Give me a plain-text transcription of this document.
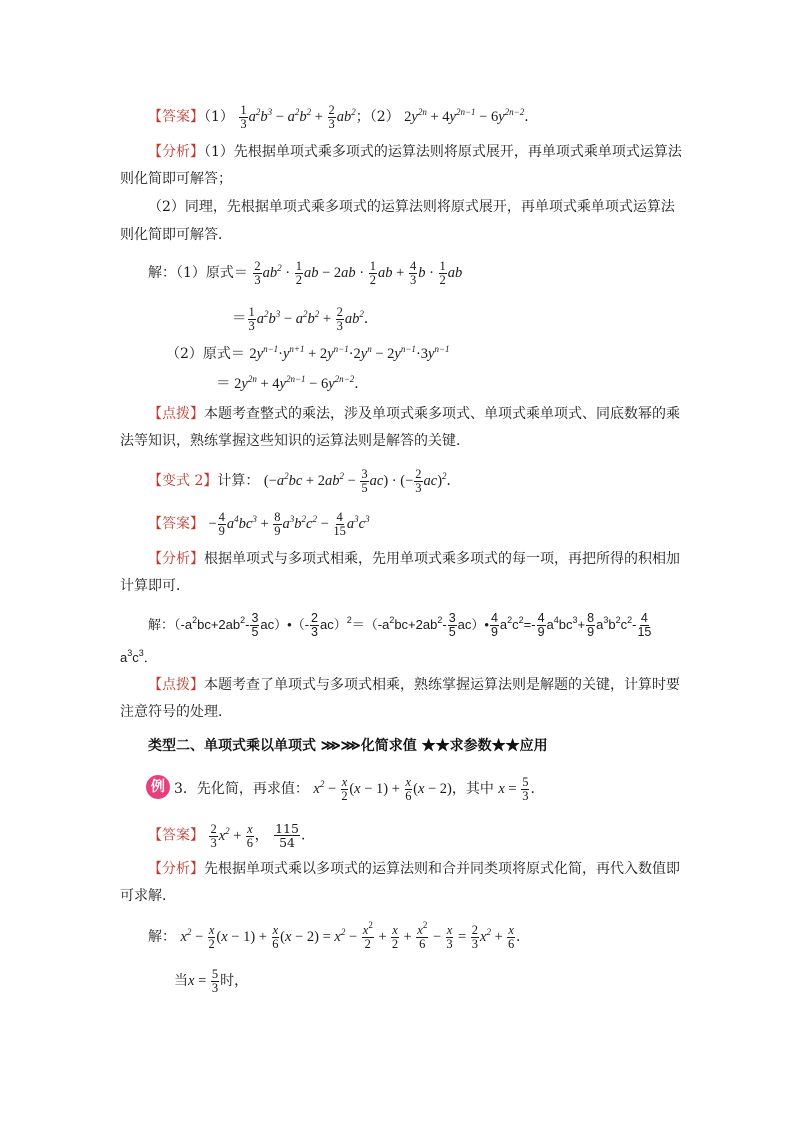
【答案】$(1) \frac{1}{3} a^2b^3 - a^2b^2 + \frac{2}{3} ab^2$；（2） $2y^{2n} + 4y^{2n-1} - 6y^{2n-2}$．
【分析】（1）先根据单项式乘多项式的运算法则将原式展开，再单项式乘单项式运算法
则化简即可解答；
（2）同理，先根据单项式乘多项式的运算法则将原式展开，再单项式乘单项式运算法
则化简即可解答．
解：（1）原式＝ $\frac{2}{3} ab^2 \cdot \frac{1}{2}$ ab − $2ab \cdot \frac{1}{2}$ ab + $\frac{4}{3}$ $b \cdot \frac{1}{2}$ ab
＝ $\frac{1}{3} a^2b^3 - a^2b^2 + \frac{2}{3} ab^2$．
（2）原式＝ $2y^{n-1}\cdot y^{n+1} + 2y^{n-1}\cdot 2y^n - 2y^{n-1}\cdot 3y^{n-1}$
＝ $2y^{2n} + 4y^{2n-1} - 6y^{2n-2}$．
【点拨】本题考查整式的乘法，涉及单项式乘多项式、单项式乘单项式、同底数幂的乘
法等知识，熟练掌握这些知识的运算法则是解答的关键．
【变式 2】计算： $(-a^2bc + 2ab^2 - \frac{3}{5} ac)$ · (− $\frac{2}{3} ac)^2$．
【答案】 − $\frac{4}{9} a^4bc^3 + \frac{8}{9} a^3b^2c^2 - \frac{4}{15} a^3c^3$
【分析】根据单项式与多项式相乘，先用单项式乘多项式的每一项，再把所得的积相加
计算即可．
解：（$-a^2bc+2ab^2- \frac{3}{5}$ ac）•（- $\frac{2}{3} ac)^2=(-a^2bc+2ab^2- \frac{3}{5}$ ac）• $\frac{4}{9} a^2c^2=- \frac{4}{9} a^4bc^3+ \frac{8}{9} a^3b^2c^2- \frac{4}{15}$
$a^3c^3$．
【点拨】本题考查了单项式与多项式相乘，熟练掌握运算法则是解题的关键，计算时要
注意符号的处理．
类型二、单项式乘以单项式 ⋙⋙化简求值 ★★求参数★★应用
例 3．先化简，再求值： $x^2 - \frac{x}{2} (x - 1) + \frac{x}{6} (x - 2)$，其中 $x = \frac{5}{3}$ ．
【答案】 $\frac{2}{3} x^2 + \frac{x}{6}$ ， $\frac{115}{54}$ ．
【分析】先根据单项式乘以多项式的运算法则和合并同类项将原式化简，再代入数值即
可求解．
解： $x^2 - \frac{x}{2} (x - 1) + \frac{x}{6} (x - 2) = x^2 - \frac{x^2}{2} + \frac{x}{2} + \frac{x^2}{6} - \frac{x}{3} = \frac{2}{3} x^2 + \frac{x}{6}$ ．
当$x = \frac{5}{3}$ 时，
